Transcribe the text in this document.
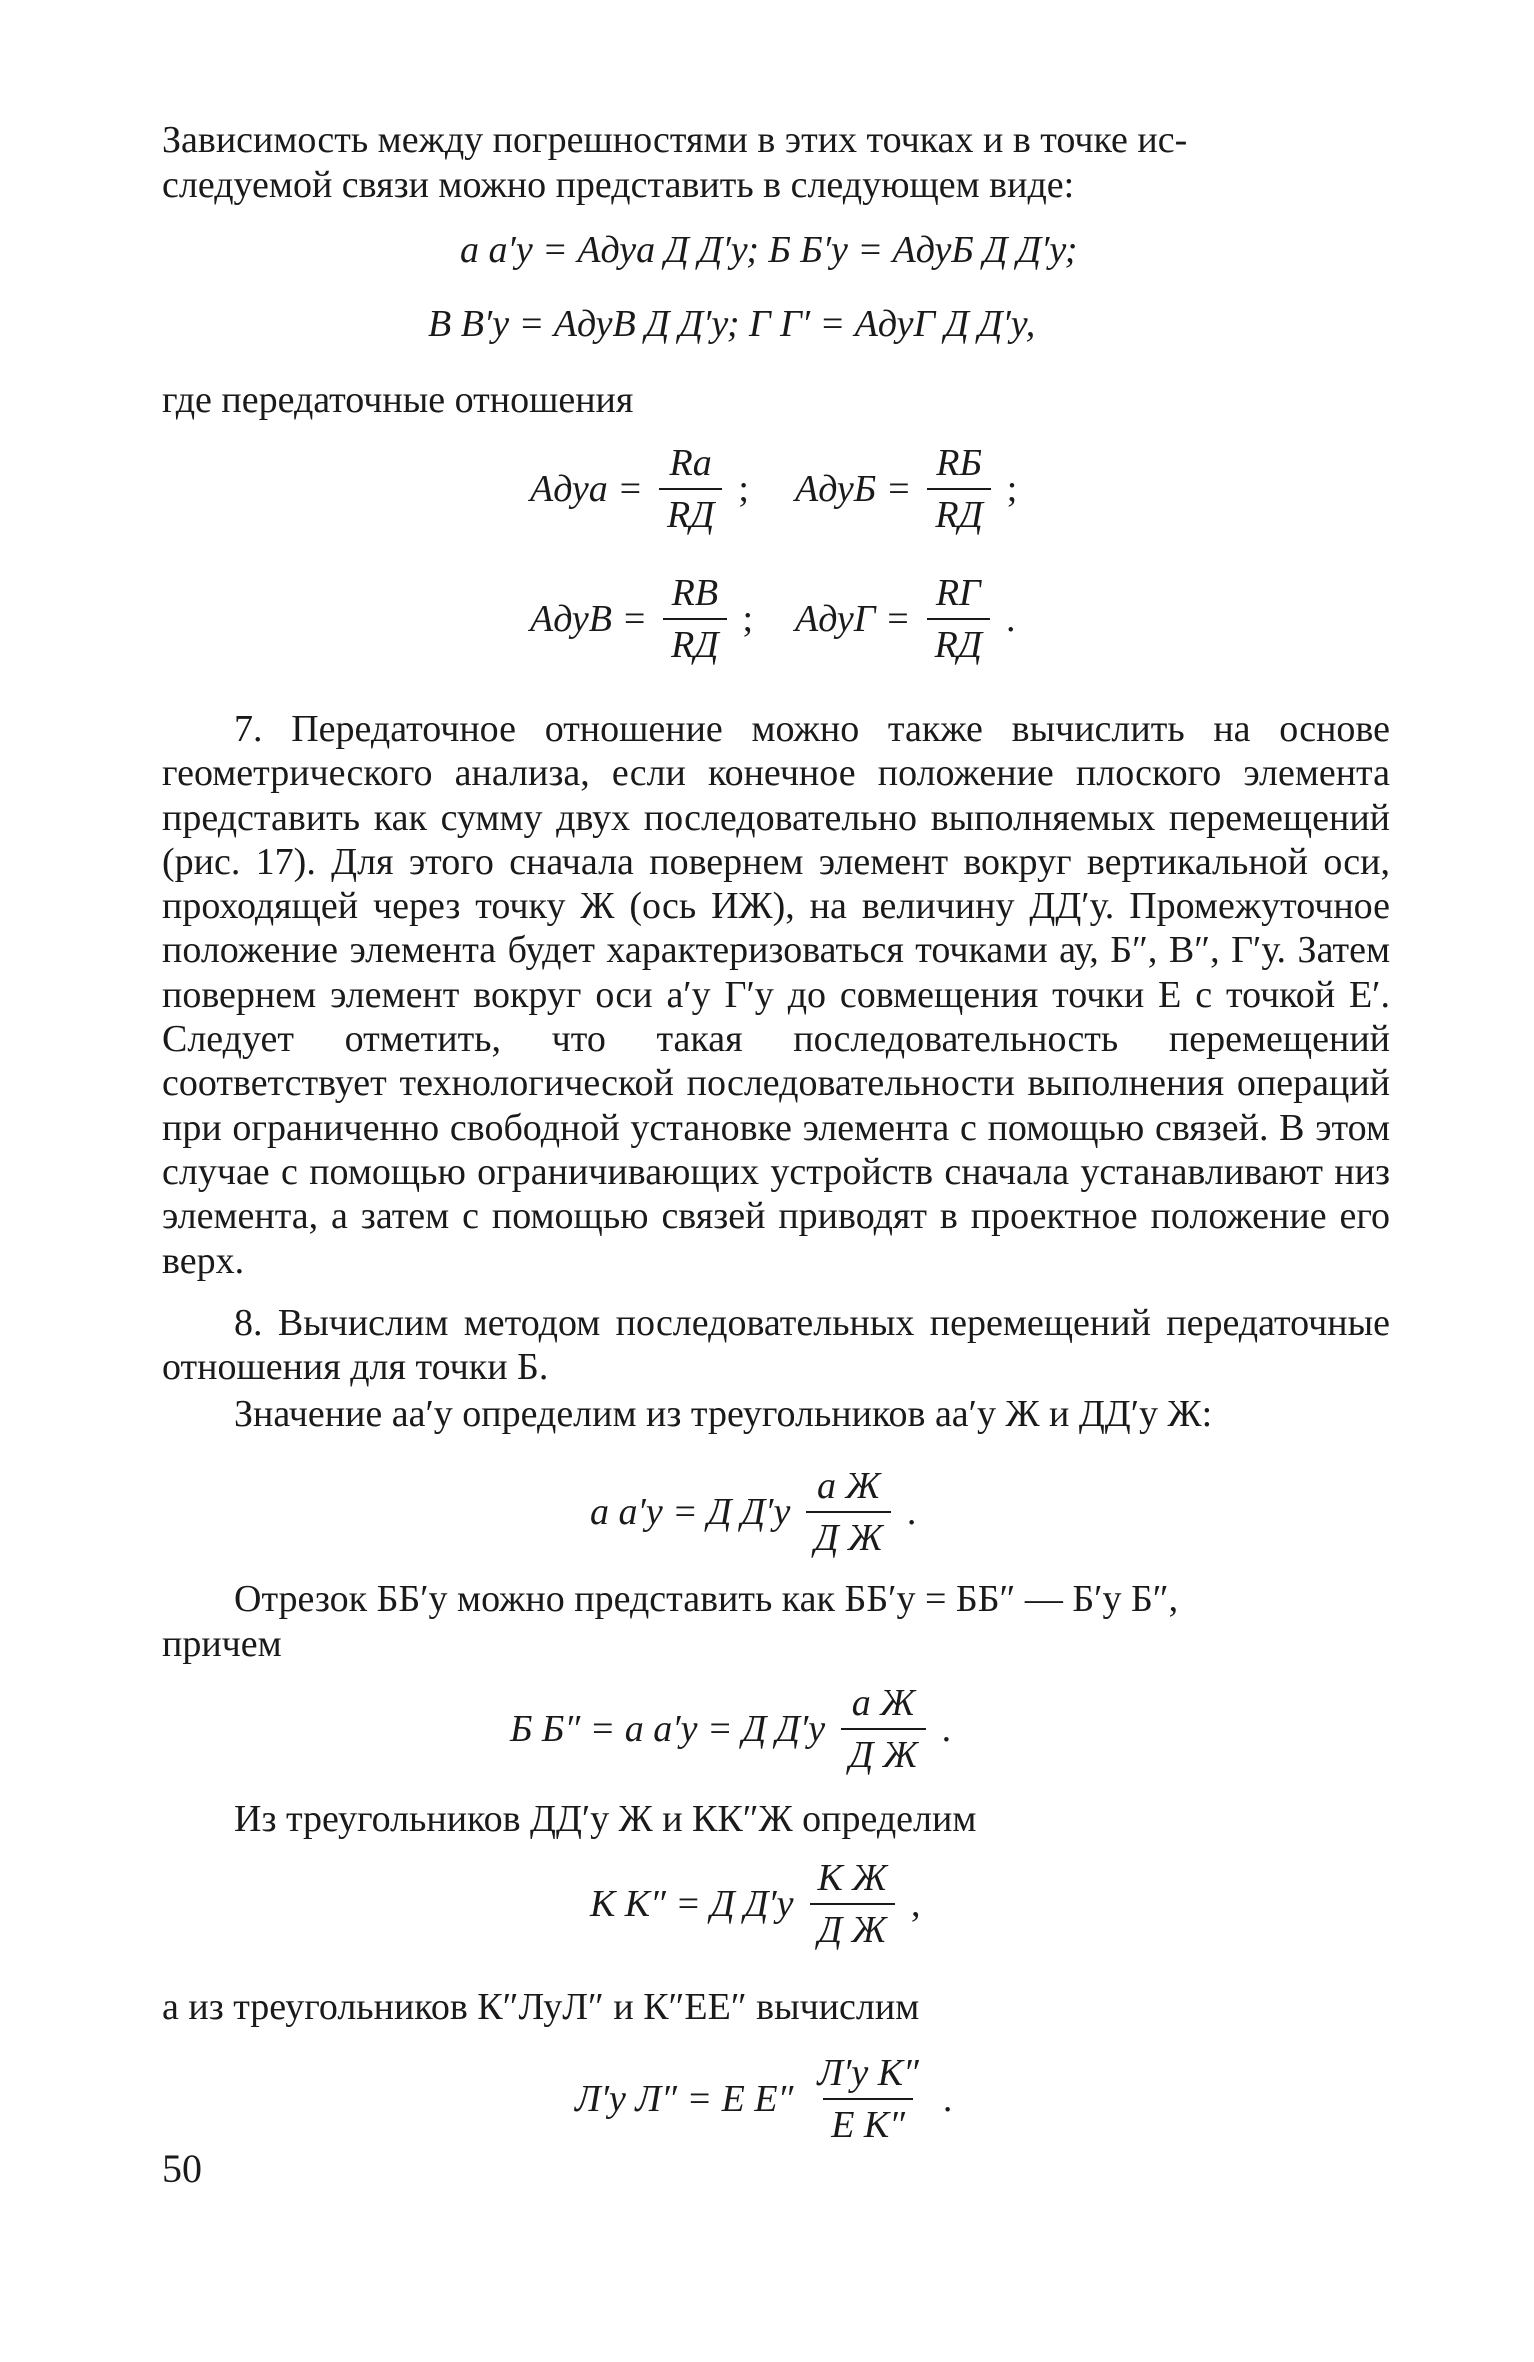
Зависимость между погрешностями в этих точках и в точке ис-

следуемой связи можно представить в следующем виде:

а а′у = Aдуа Д Д′у; Б Б′у = AдуБ Д Д′у;
В В′у = AдуВ Д Д′у; Г Г′ = AдуГ Д Д′у,

где передаточные отношения

Aдуа = $\frac{Ra}{RД}$ ; AдуБ = $\frac{RБ}{RД}$ ;
AдуВ = $\frac{RВ}{RД}$ ; AдуГ = $\frac{RГ}{RД}$ .

7. Передаточное отношение можно также вычислить на основе геометрического анализа, если конечное положение плоского элемента представить как сумму двух последовательно выполняемых перемещений (рис. 17). Для этого сначала повернем элемент вокруг вертикальной оси, проходящей через точку Ж (ось ИЖ), на величину ДД′у. Промежуточное положение элемента будет характеризоваться точками ау, Б″, В″, Г′у. Затем повернем элемент вокруг оси а′у Г′у до совмещения точки Е с точкой Е′. Следует отметить, что такая последовательность перемещений соответствует технологической последовательности выполнения операций при ограниченно свободной установке элемента с помощью связей. В этом случае с помощью ограничивающих устройств сначала устанавливают низ элемента, а затем с помощью связей приводят в проектное положение его верх.

8. Вычислим методом последовательных перемещений передаточные отношения для точки Б.

Значение аа′у определим из треугольников аа′у Ж и ДД′у Ж:

а а′у = Д $Д'у \frac{\text{а Ж}}{\text{Д Ж}}$ .

Отрезок ББ′у можно представить как ББ′у = ББ″ — Б′у Б″,

причем

Б Б″ = а а′у = Д $Д'у \frac{\text{а Ж}}{\text{Д Ж}}$ .

Из треугольников ДД′у Ж и КК″Ж определим

К К″ = Д $Д'у \frac{\text{К Ж}}{\text{Д Ж}}$ ,

а из треугольников К″ЛуЛ″ и К″ЕЕ″ вычислим

Л′у Л″ = Е $Е'' \frac{\text{Л′у К″}}{\text{Е К″}}$ .
50
